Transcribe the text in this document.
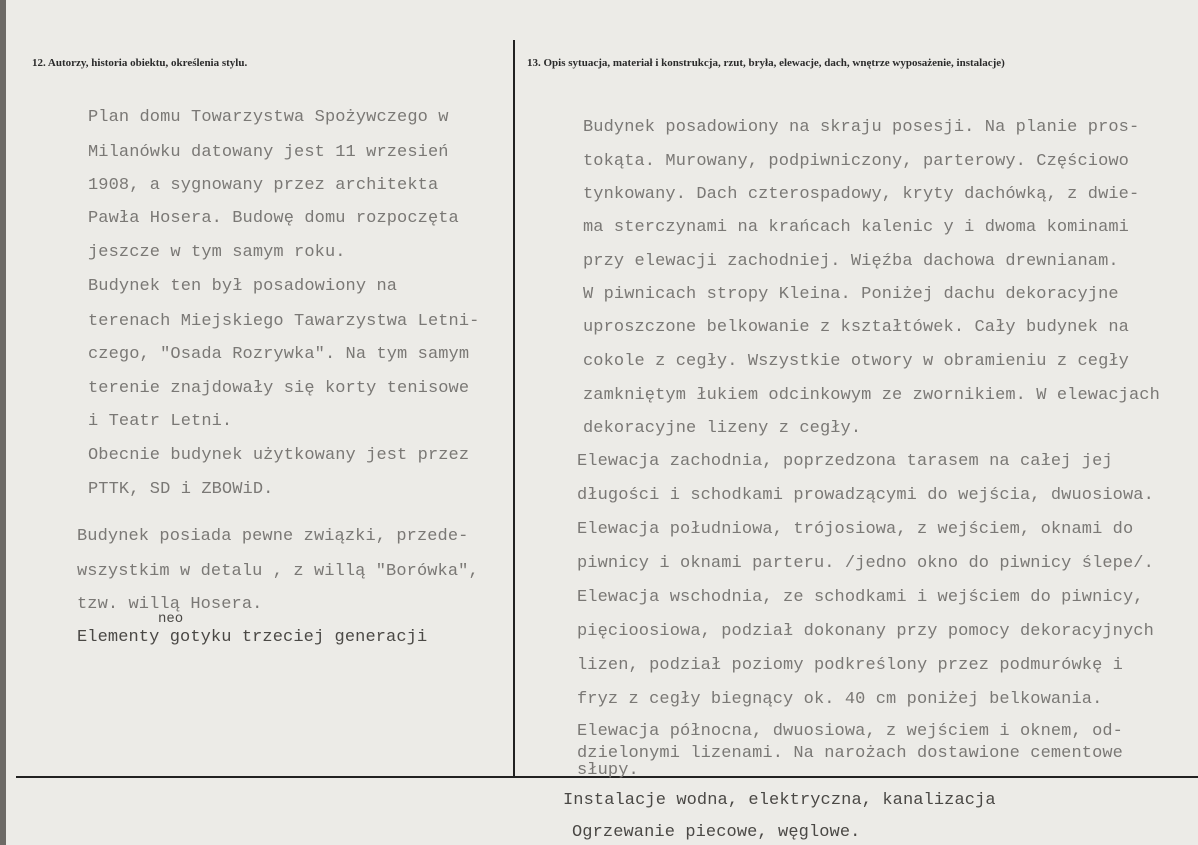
12. Autorzy, historia obiektu, określenia stylu.	13. Opis sytuacja, materiał i konstrukcja, rzut, bryła, elewacje, dach, wnętrze wyposażenie, instalacje)
Plan domu Towarzystwa Spożywczego w
Milanówku datowany jest 11 wrzesień
1908, a sygnowany przez architekta
Pawła Hosera. Budowę domu rozpoczęta
jeszcze w tym samym roku.
Budynek ten był posadowiony na
terenach Miejskiego Tawarzystwa Letni-
czego, "Osada Rozrywka". Na tym samym
terenie znajdowały się korty tenisowe
i Teatr Letni.
Obecnie budynek użytkowany jest przez
PTTK, SD i ZBOWiD.
Budynek posiada pewne związki, przede-
wszystkim w detalu , z willą "Borówka",
tzw. willą Hosera.
neo
Elementy gotyku trzeciej generacji
Budynek posadowiony na skraju posesji. Na planie pros-
tokąta. Murowany, podpiwniczony, parterowy. Częściowo
tynkowany. Dach czterospadowy, kryty dachówką, z dwie-
ma sterczynami na krańcach kalenic y i dwoma kominami
przy elewacji zachodniej. Więźba dachowa drewnianam.
W piwnicach stropy Kleina. Poniżej dachu dekoracyjne
uproszczone belkowanie z kształtówek. Cały budynek na
cokole z cegły. Wszystkie otwory w obramieniu z cegły
zamkniętym łukiem odcinkowym ze zwornikiem. W elewacjach
dekoracyjne lizeny z cegły.
Elewacja zachodnia, poprzedzona tarasem na całej jej
długości i schodkami prowadzącymi do wejścia, dwuosiowa.
Elewacja południowa, trójosiowa, z wejściem, oknami do
piwnicy i oknami parteru. /jedno okno do piwnicy ślepe/.
Elewacja wschodnia, ze schodkami i wejściem do piwnicy,
pięcioosiowa, podział dokonany przy pomocy dekoracyjnych
lizen, podział poziomy podkreślony przez podmurówkę i
fryz z cegły biegnący ok. 40 cm poniżej belkowania.
Elewacja północna, dwuosiowa, z wejściem i oknem, od-
dzielonymi lizenami. Na narożach dostawione cementowe
słupy.
Instalacje wodna, elektryczna, kanalizacja
Ogrzewanie piecowe, węglowe.
